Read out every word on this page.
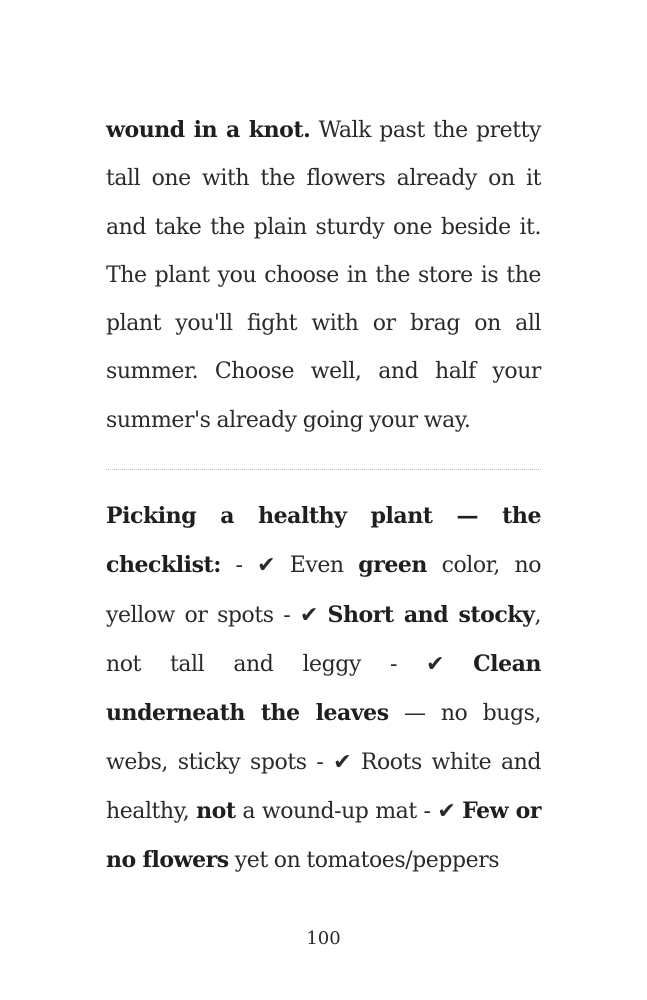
wound in a knot. Walk past the pretty tall one with the flowers already on it and take the plain sturdy one beside it. The plant you choose in the store is the plant you'll fight with or brag on all summer. Choose well, and half your summer's already going your way.

Picking a healthy plant — the checklist: - ✔ Even green color, no yellow or spots - ✔ Short and stocky, not tall and leggy - ✔ Clean underneath the leaves — no bugs, webs, sticky spots - ✔ Roots white and healthy, not a wound-up mat - ✔ Few or no flowers yet on tomatoes/peppers

100
